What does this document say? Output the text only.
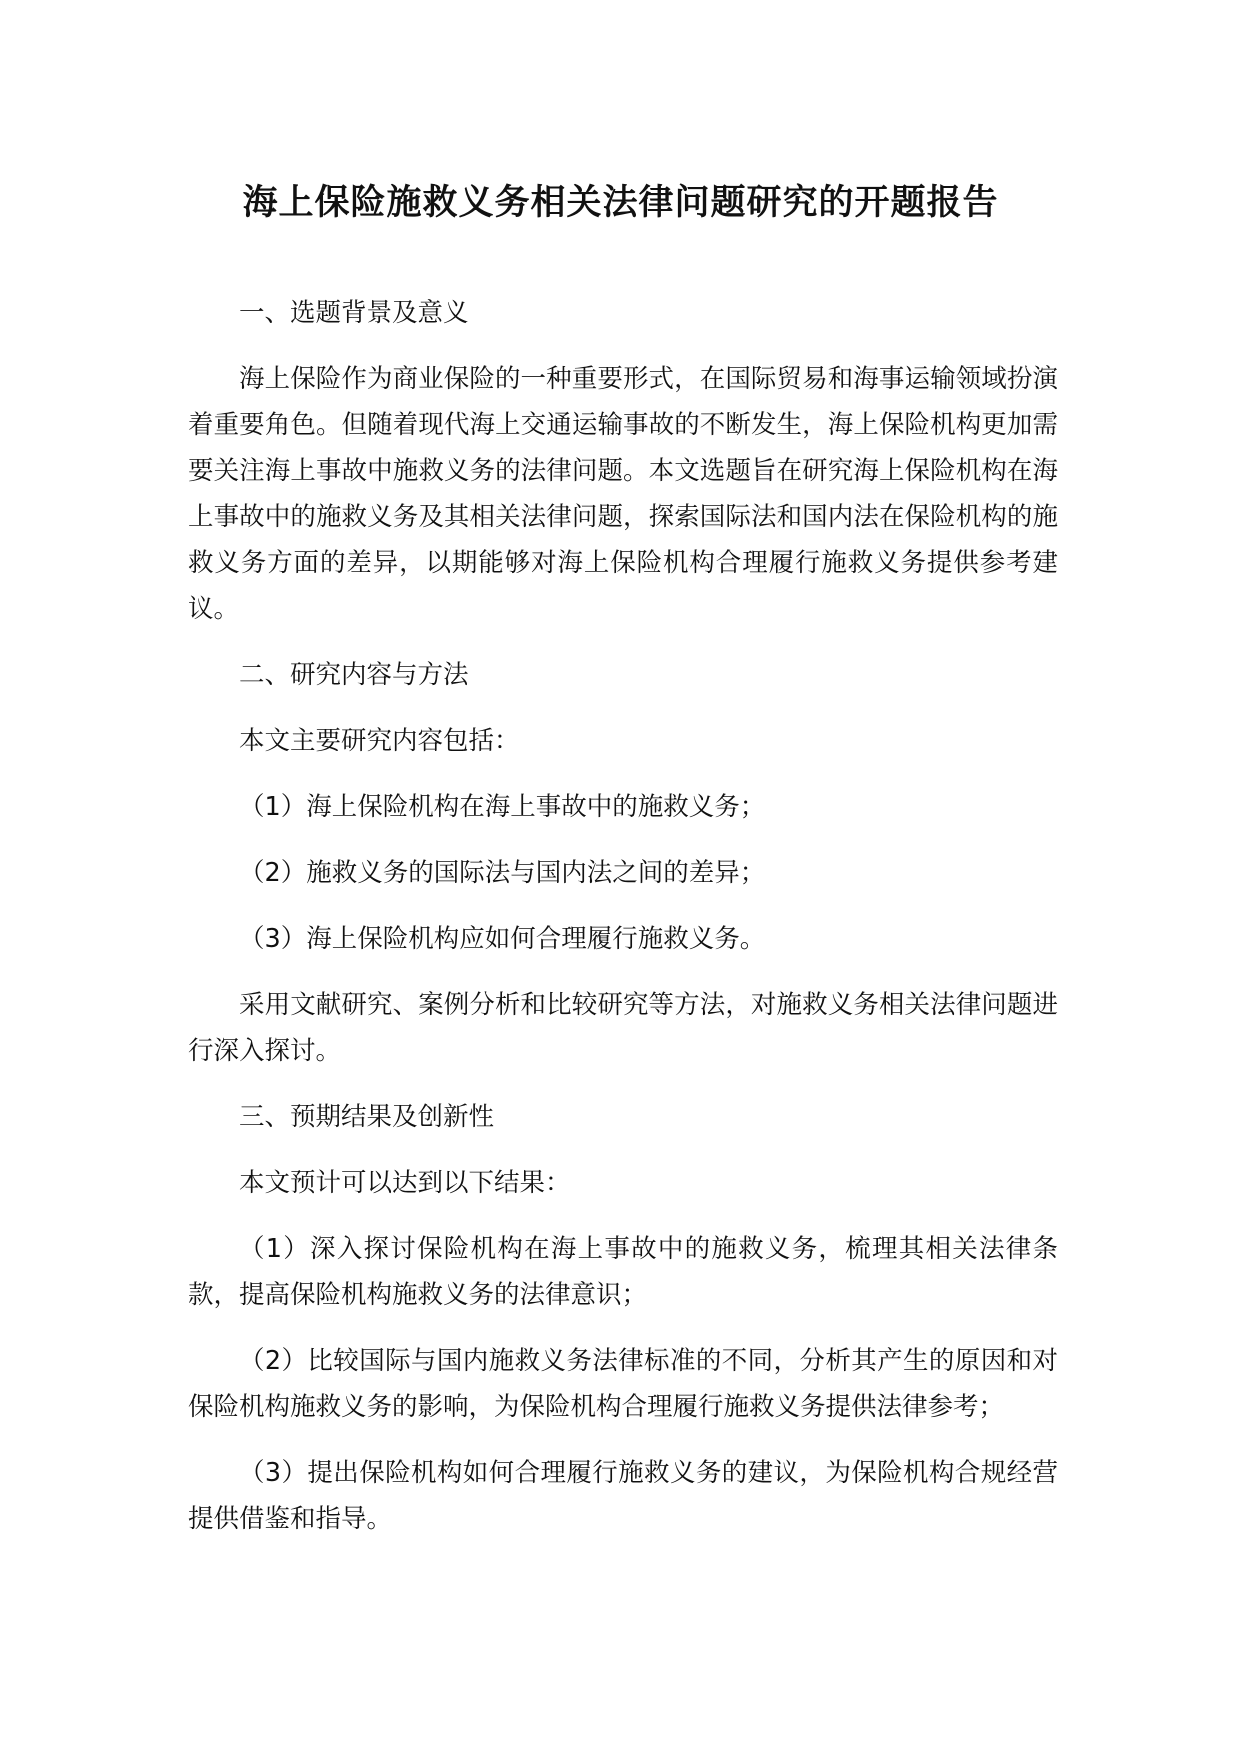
海上保险施救义务相关法律问题研究的开题报告

一、选题背景及意义

海上保险作为商业保险的一种重要形式，在国际贸易和海事运输领域扮演着重要角色。但随着现代海上交通运输事故的不断发生，海上保险机构更加需要关注海上事故中施救义务的法律问题。本文选题旨在研究海上保险机构在海上事故中的施救义务及其相关法律问题，探索国际法和国内法在保险机构的施救义务方面的差异，以期能够对海上保险机构合理履行施救义务提供参考建议。

二、研究内容与方法

本文主要研究内容包括：

（1）海上保险机构在海上事故中的施救义务；

（2）施救义务的国际法与国内法之间的差异；

（3）海上保险机构应如何合理履行施救义务。

采用文献研究、案例分析和比较研究等方法，对施救义务相关法律问题进行深入探讨。

三、预期结果及创新性

本文预计可以达到以下结果：

（1）深入探讨保险机构在海上事故中的施救义务，梳理其相关法律条款，提高保险机构施救义务的法律意识；

（2）比较国际与国内施救义务法律标准的不同，分析其产生的原因和对保险机构施救义务的影响，为保险机构合理履行施救义务提供法律参考；

（3）提出保险机构如何合理履行施救义务的建议，为保险机构合规经营提供借鉴和指导。
